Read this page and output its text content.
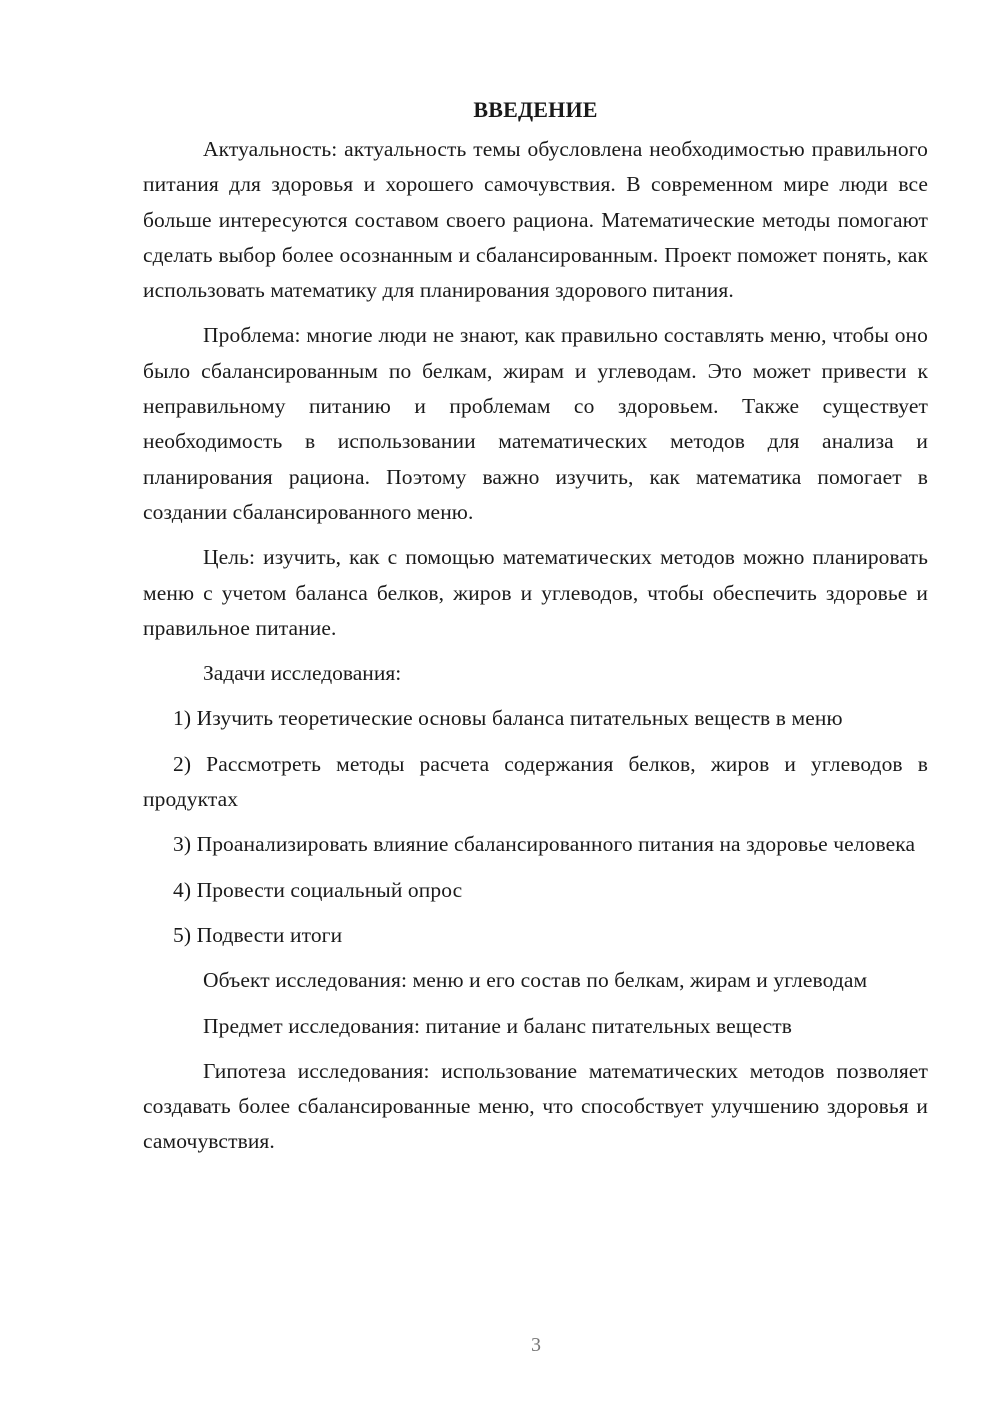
ВВЕДЕНИЕ

Актуальность: актуальность темы обусловлена необходимостью правильного питания для здоровья и хорошего самочувствия. В современном мире люди все больше интересуются составом своего рациона. Математические методы помогают сделать выбор более осознанным и сбалансированным. Проект поможет понять, как использовать математику для планирования здорового питания.

Проблема: многие люди не знают, как правильно составлять меню, чтобы оно было сбалансированным по белкам, жирам и углеводам. Это может привести к неправильному питанию и проблемам со здоровьем. Также существует необходимость в использовании математических методов для анализа и планирования рациона. Поэтому важно изучить, как математика помогает в создании сбалансированного меню.

Цель: изучить, как с помощью математических методов можно планировать меню с учетом баланса белков, жиров и углеводов, чтобы обеспечить здоровье и правильное питание.

Задачи исследования:

1) Изучить теоретические основы баланса питательных веществ в меню

2) Рассмотреть методы расчета содержания белков, жиров и углеводов в продуктах

3) Проанализировать влияние сбалансированного питания на здоровье человека

4) Провести социальный опрос

5) Подвести итоги

Объект исследования: меню и его состав по белкам, жирам и углеводам

Предмет исследования: питание и баланс питательных веществ

Гипотеза исследования: использование математических методов позволяет создавать более сбалансированные меню, что способствует улучшению здоровья и самочувствия.

3
